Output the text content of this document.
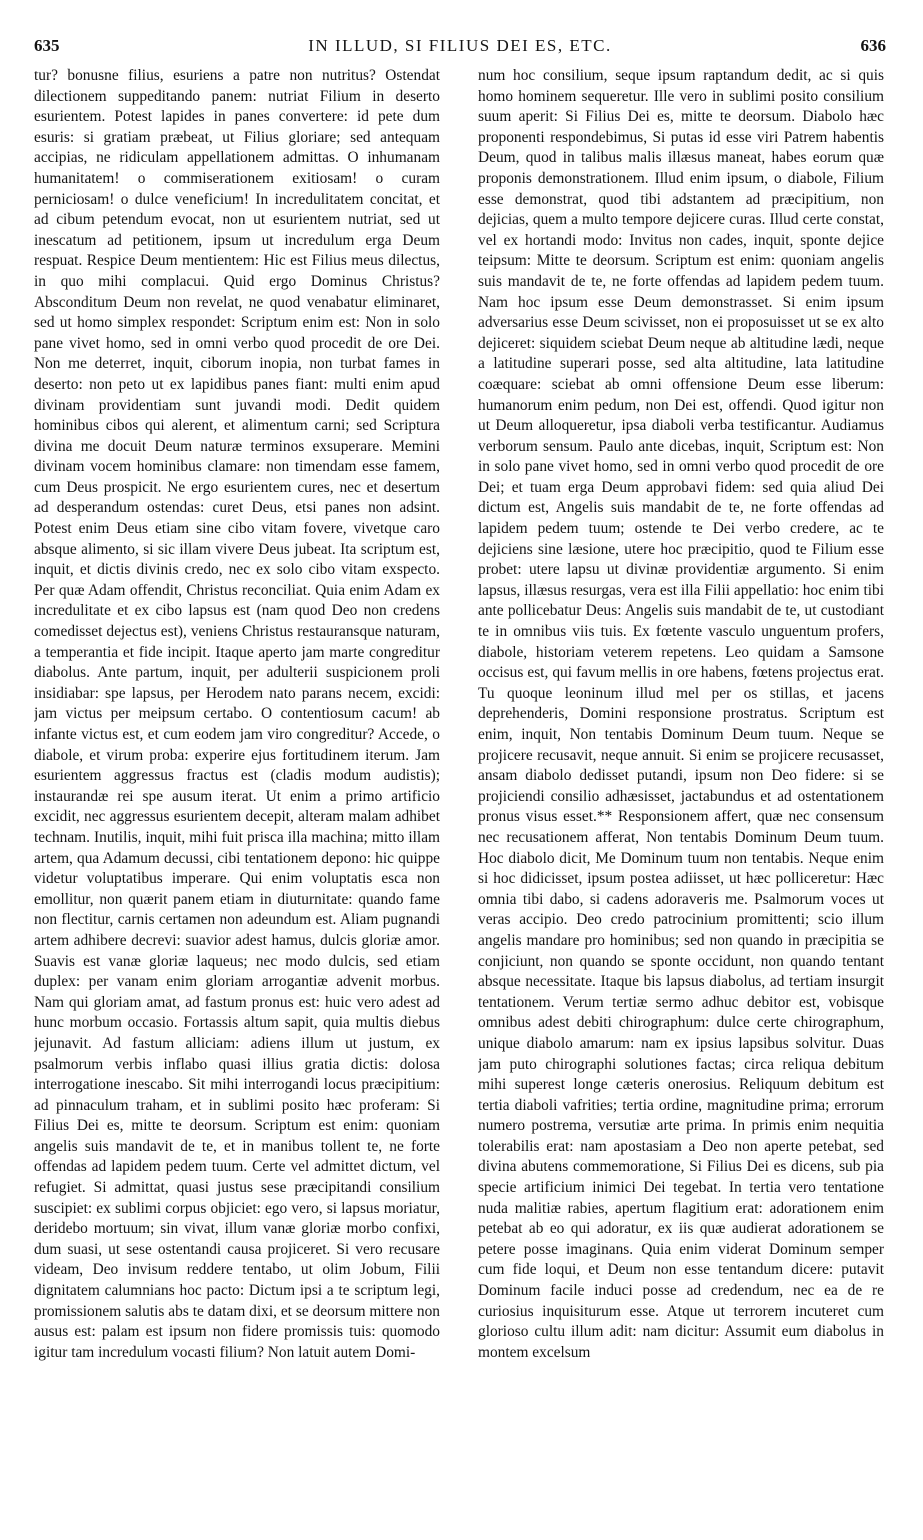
635	IN ILLUD, SI FILIUS DEI ES, ETC.	636

tur? bonusne filius, esuriens a patre non nutritus? Ostendat dilectionem suppeditando panem: nutriat Filium in deserto esurientem. Potest lapides in panes convertere: id pete dum esuris: si gratiam præbeat, ut Filius gloriare; sed antequam accipias, ne ridiculam appellationem admittas. O inhumanam humanitatem! o commiserationem exitiosam! o curam perniciosam! o dulce veneficium! In incredulitatem concitat, et ad cibum petendum evocat, non ut esurientem nutriat, sed ut inescatum ad petitionem, ipsum ut incredulum erga Deum respuat. Respice Deum mentientem: Hic est Filius meus dilectus, in quo mihi complacui. Quid ergo Dominus Christus? Absconditum Deum non revelat, ne quod venabatur eliminaret, sed ut homo simplex respondet: Scriptum enim est: Non in solo pane vivet homo, sed in omni verbo quod procedit de ore Dei. Non me deterret, inquit, ciborum inopia, non turbat fames in deserto: non peto ut ex lapidibus panes fiant: multi enim apud divinam providentiam sunt juvandi modi. Dedit quidem hominibus cibos qui alerent, et alimentum carni; sed Scriptura divina me docuit Deum naturæ terminos exsuperare. Memini divinam vocem hominibus clamare: non timendam esse famem, cum Deus prospicit. Ne ergo esurientem cures, nec et desertum ad desperandum ostendas: curet Deus, etsi panes non adsint. Potest enim Deus etiam sine cibo vitam fovere, vivetque caro absque alimento, si sic illam vivere Deus jubeat. Ita scriptum est, inquit, et dictis divinis credo, nec ex solo cibo vitam exspecto. Per quæ Adam offendit, Christus reconciliat. Quia enim Adam ex incredulitate et ex cibo lapsus est (nam quod Deo non credens comedisset dejectus est), veniens Christus restauransque naturam, a temperantia et fide incipit. Itaque aperto jam marte congreditur diabolus. Ante partum, inquit, per adulterii suspicionem proli insidiabar: spe lapsus, per Herodem nato parans necem, excidi: jam victus per meipsum certabo. O contentiosum cacum! ab infante victus est, et cum eodem jam viro congreditur? Accede, o diabole, et virum proba: experire ejus fortitudinem iterum. Jam esurientem aggressus fractus est (cladis modum audistis); instaurandæ rei spe ausum iterat. Ut enim a primo artificio excidit, nec aggressus esurientem decepit, alteram malam adhibet technam. Inutilis, inquit, mihi fuit prisca illa machina; mitto illam artem, qua Adamum decussi, cibi tentationem depono: hic quippe videtur voluptatibus imperare. Qui enim voluptatis esca non emollitur, non quærit panem etiam in diuturnitate: quando fame non flectitur, carnis certamen non adeundum est. Aliam pugnandi artem adhibere decrevi: suavior adest hamus, dulcis gloriæ amor. Suavis est vanæ gloriæ laqueus; nec modo dulcis, sed etiam duplex: per vanam enim gloriam arrogantiæ advenit morbus. Nam qui gloriam amat, ad fastum pronus est: huic vero adest ad hunc morbum occasio. Fortassis altum sapit, quia multis diebus jejunavit. Ad fastum alliciam: adiens illum ut justum, ex psalmorum verbis inflabo quasi illius gratia dictis: dolosa interrogatione inescabo. Sit mihi interrogandi locus præcipitium: ad pinnaculum traham, et in sublimi posito hæc proferam: Si Filius Dei es, mitte te deorsum. Scriptum est enim: quoniam angelis suis mandavit de te, et in manibus tollent te, ne forte offendas ad lapidem pedem tuum. Certe vel admittet dictum, vel refugiet. Si admittat, quasi justus sese præcipitandi consilium suscipiet: ex sublimi corpus objiciet: ego vero, si lapsus moriatur, deridebo mortuum; sin vivat, illum vanæ gloriæ morbo confixi, dum suasi, ut sese ostentandi causa projiceret. Si vero recusare videam, Deo invisum reddere tentabo, ut olim Jobum, Filii dignitatem calumnians hoc pacto: Dictum ipsi a te scriptum legi, promissionem salutis abs te datam dixi, et se deorsum mittere non ausus est: palam est ipsum non fidere promissis tuis: quomodo igitur tam incredulum vocasti filium? Non latuit autem Domi-

num hoc consilium, seque ipsum raptandum dedit, ac si quis homo hominem sequeretur. Ille vero in sublimi posito consilium suum aperit: Si Filius Dei es, mitte te deorsum. Diabolo hæc proponenti respondebimus, Si putas id esse viri Patrem habentis Deum, quod in talibus malis illæsus maneat, habes eorum quæ proponis demonstrationem. Illud enim ipsum, o diabole, Filium esse demonstrat, quod tibi adstantem ad præcipitium, non dejicias, quem a multo tempore dejicere curas. Illud certe constat, vel ex hortandi modo: Invitus non cades, inquit, sponte dejice teipsum: Mitte te deorsum. Scriptum est enim: quoniam angelis suis mandavit de te, ne forte offendas ad lapidem pedem tuum. Nam hoc ipsum esse Deum demonstrasset. Si enim ipsum adversarius esse Deum scivisset, non ei proposuisset ut se ex alto dejiceret: siquidem sciebat Deum neque ab altitudine lædi, neque a latitudine superari posse, sed alta altitudine, lata latitudine coæquare: sciebat ab omni offensione Deum esse liberum: humanorum enim pedum, non Dei est, offendi. Quod igitur non ut Deum alloqueretur, ipsa diaboli verba testificantur. Audiamus verborum sensum. Paulo ante dicebas, inquit, Scriptum est: Non in solo pane vivet homo, sed in omni verbo quod procedit de ore Dei; et tuam erga Deum approbavi fidem: sed quia aliud Dei dictum est, Angelis suis mandabit de te, ne forte offendas ad lapidem pedem tuum; ostende te Dei verbo credere, ac te dejiciens sine læsione, utere hoc præcipitio, quod te Filium esse probet: utere lapsu ut divinæ providentiæ argumento. Si enim lapsus, illæsus resurgas, vera est illa Filii appellatio: hoc enim tibi ante pollicebatur Deus: Angelis suis mandabit de te, ut custodiant te in omnibus viis tuis. Ex fœtente vasculo unguentum profers, diabole, historiam veterem repetens. Leo quidam a Samsone occisus est, qui favum mellis in ore habens, fœtens projectus erat. Tu quoque leoninum illud mel per os stillas, et jacens deprehenderis, Domini responsione prostratus. Scriptum est enim, inquit, Non tentabis Dominum Deum tuum. Neque se projicere recusavit, neque annuit. Si enim se projicere recusasset, ansam diabolo dedisset putandi, ipsum non Deo fidere: si se projiciendi consilio adhæsisset, jactabundus et ad ostentationem pronus visus esset.** Responsionem affert, quæ nec consensum nec recusationem afferat, Non tentabis Dominum Deum tuum. Hoc diabolo dicit, Me Dominum tuum non tentabis. Neque enim si hoc didicisset, ipsum postea adiisset, ut hæc polliceretur: Hæc omnia tibi dabo, si cadens adoraveris me. Psalmorum voces ut veras accipio. Deo credo patrocinium promittenti; scio illum angelis mandare pro hominibus; sed non quando in præcipitia se conjiciunt, non quando se sponte occidunt, non quando tentant absque necessitate. Itaque bis lapsus diabolus, ad tertiam insurgit tentationem. Verum tertiæ sermo adhuc debitor est, vobisque omnibus adest debiti chirographum: dulce certe chirographum, unique diabolo amarum: nam ex ipsius lapsibus solvitur. Duas jam puto chirographi solutiones factas; circa reliqua debitum mihi superest longe cæteris onerosius. Reliquum debitum est tertia diaboli vafrities; tertia ordine, magnitudine prima; errorum numero postrema, versutiæ arte prima. In primis enim nequitia tolerabilis erat: nam apostasiam a Deo non aperte petebat, sed divina abutens commemoratione, Si Filius Dei es dicens, sub pia specie artificium inimici Dei tegebat. In tertia vero tentatione nuda malitiæ rabies, apertum flagitium erat: adorationem enim petebat ab eo qui adoratur, ex iis quæ audierat adorationem se petere posse imaginans. Quia enim viderat Dominum semper cum fide loqui, et Deum non esse tentandum dicere: putavit Dominum facile induci posse ad credendum, nec ea de re curiosius inquisiturum esse. Atque ut terrorem incuteret cum glorioso cultu illum adit: nam dicitur: Assumit eum diabolus in montem excelsum
